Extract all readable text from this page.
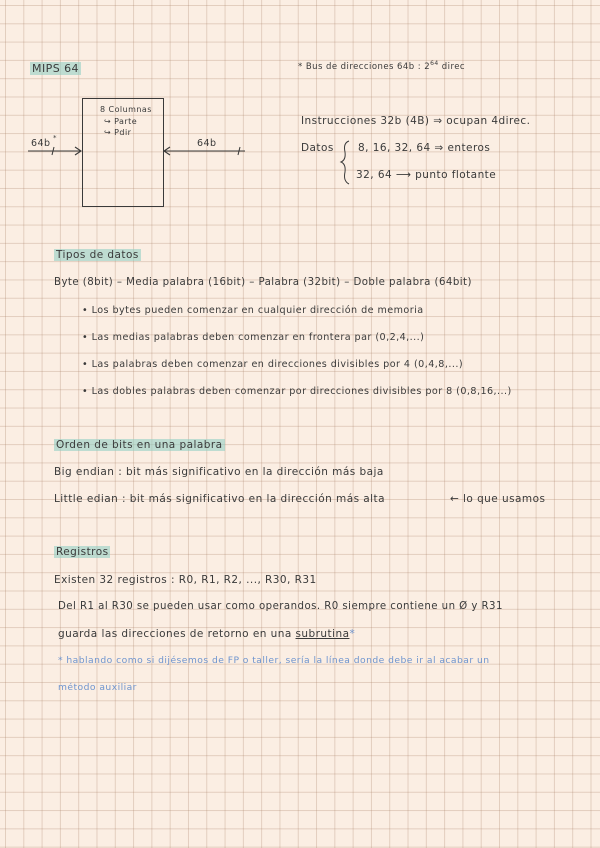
MIPS 64
8 Columnas
↪ Parte
↪ Pdir
64b *	64b
* Bus de direcciones 64b : $2^{64}$ direc
Instrucciones 32b (4B) ⇒ ocupan 4direc.
Datos 8, 16, 32, 64 ⇒ enteros
32, 64 ⟶ punto flotante
Tipos de datos
Byte (8bit) – Media palabra (16bit) – Palabra (32bit) – Doble palabra (64bit)
• Los bytes pueden comenzar en cualquier dirección de memoria
• Las medias palabras deben comenzar en frontera par (0,2,4,...)
• Las palabras deben comenzar en direcciones divisibles por 4 (0,4,8,...)
• Las dobles palabras deben comenzar por direcciones divisibles por 8 (0,8,16,...)
Orden de bits en una palabra
Big endian : bit más significativo en la dirección más baja
Little edian : bit más significativo en la dirección más alta	← lo que usamos
Registros
Existen 32 registros : R0, R1, R2, ..., R30, R31
Del R1 al R30 se pueden usar como operandos. R0 siempre contiene un Ø y R31
guarda las direcciones de retorno en una subrutina*
* hablando como si dijésemos de FP o taller, sería la línea donde debe ir al acabar un
método auxiliar
